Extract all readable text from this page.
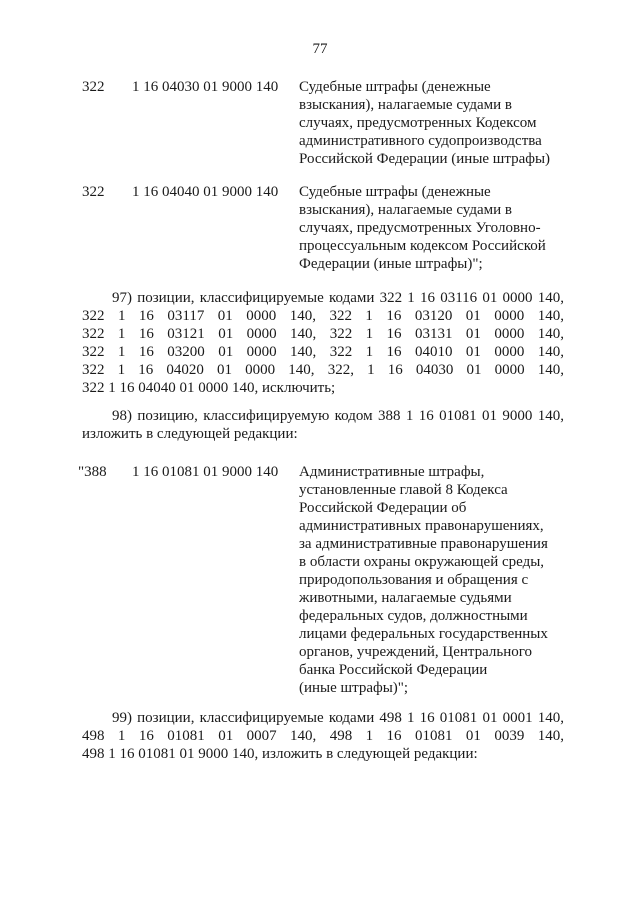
77
322 1 16 04030 01 9000 140 Судебные штрафы (денежные
взыскания), налагаемые судами в
случаях, предусмотренных Кодексом
административного судопроизводства
Российской Федерации (иные штрафы)
322 1 16 04040 01 9000 140 Судебные штрафы (денежные
взыскания), налагаемые судами в
случаях, предусмотренных Уголовно-
процессуальным кодексом Российской
Федерации (иные штрафы)";
97) позиции, классифицируемые кодами 322 1 16 03116 01 0000 140,
322 1 16 03117 01 0000 140, 322 1 16 03120 01 0000 140,
322 1 16 03121 01 0000 140, 322 1 16 03131 01 0000 140,
322 1 16 03200 01 0000 140, 322 1 16 04010 01 0000 140,
322 1 16 04020 01 0000 140, 322, 1 16 04030 01 0000 140,
322 1 16 04040 01 0000 140, исключить;
98) позицию, классифицируемую кодом 388 1 16 01081 01 9000 140,
изложить в следующей редакции:
"388 1 16 01081 01 9000 140 Административные штрафы,
установленные главой 8 Кодекса
Российской Федерации об
административных правонарушениях,
за административные правонарушения
в области охраны окружающей среды,
природопользования и обращения с
животными, налагаемые судьями
федеральных судов, должностными
лицами федеральных государственных
органов, учреждений, Центрального
банка Российской Федерации
(иные штрафы)";
99) позиции, классифицируемые кодами 498 1 16 01081 01 0001 140,
498 1 16 01081 01 0007 140, 498 1 16 01081 01 0039 140,
498 1 16 01081 01 9000 140, изложить в следующей редакции:
